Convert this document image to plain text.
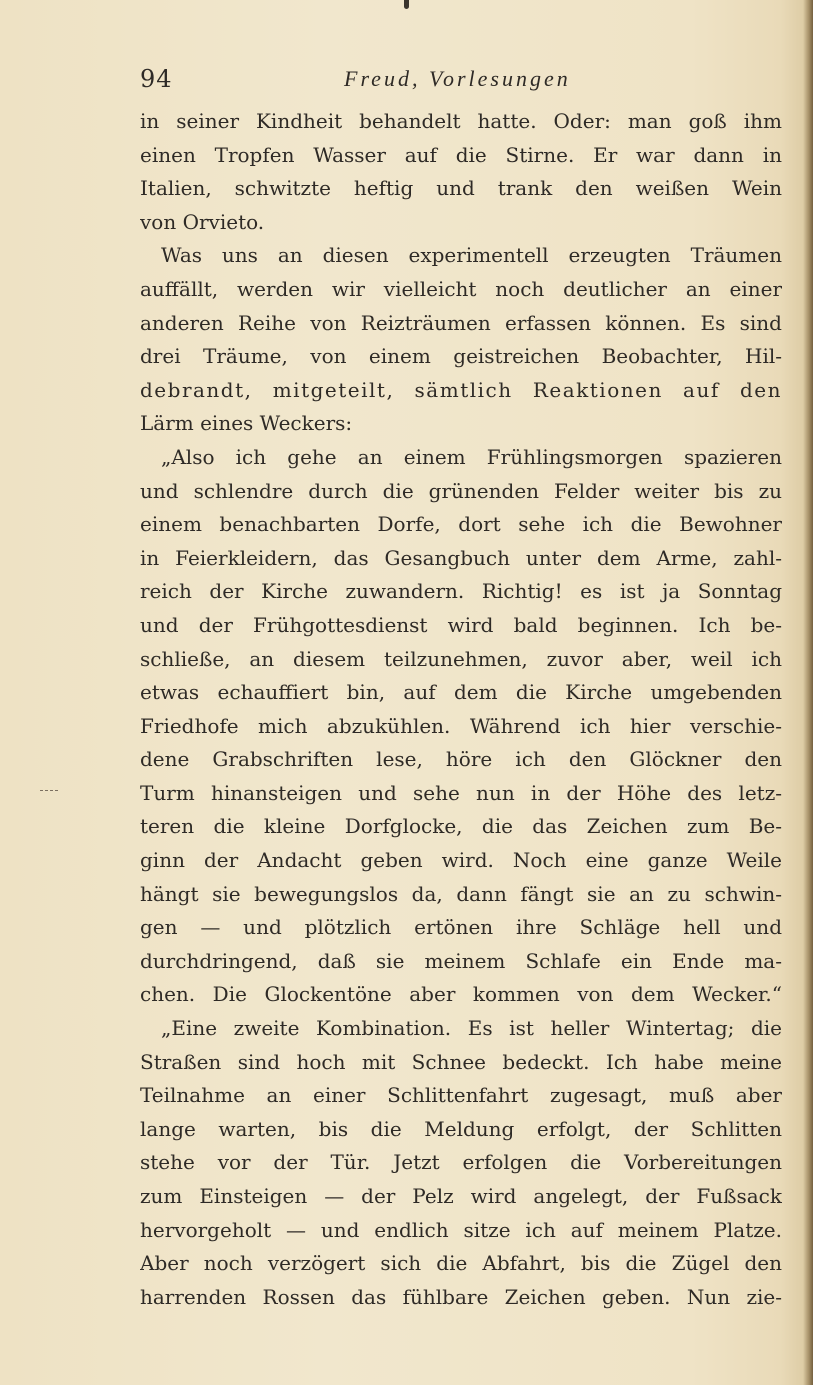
94	Freud, Vorlesungen
in seiner Kindheit behandelt hatte. Oder: man goß ihm
einen Tropfen Wasser auf die Stirne. Er war dann in
Italien, schwitzte heftig und trank den weißen Wein
von Orvieto.
Was uns an diesen experimentell erzeugten Träumen
auffällt, werden wir vielleicht noch deutlicher an einer
anderen Reihe von Reizträumen erfassen können. Es sind
drei Träume, von einem geistreichen Beobachter, Hil-
debrandt, mitgeteilt, sämtlich Reaktionen auf den
Lärm eines Weckers:
„Also ich gehe an einem Frühlingsmorgen spazieren
und schlendre durch die grünenden Felder weiter bis zu
einem benachbarten Dorfe, dort sehe ich die Bewohner
in Feierkleidern, das Gesangbuch unter dem Arme, zahl-
reich der Kirche zuwandern. Richtig! es ist ja Sonntag
und der Frühgottesdienst wird bald beginnen. Ich be-
schließe, an diesem teilzunehmen, zuvor aber, weil ich
etwas echauffiert bin, auf dem die Kirche umgebenden
Friedhofe mich abzukühlen. Während ich hier verschie-
dene Grabschriften lese, höre ich den Glöckner den
Turm hinansteigen und sehe nun in der Höhe des letz-
teren die kleine Dorfglocke, die das Zeichen zum Be-
ginn der Andacht geben wird. Noch eine ganze Weile
hängt sie bewegungslos da, dann fängt sie an zu schwin-
gen — und plötzlich ertönen ihre Schläge hell und
durchdringend, daß sie meinem Schlafe ein Ende ma-
chen. Die Glockentöne aber kommen von dem Wecker.“
„Eine zweite Kombination. Es ist heller Wintertag; die
Straßen sind hoch mit Schnee bedeckt. Ich habe meine
Teilnahme an einer Schlittenfahrt zugesagt, muß aber
lange warten, bis die Meldung erfolgt, der Schlitten
stehe vor der Tür. Jetzt erfolgen die Vorbereitungen
zum Einsteigen — der Pelz wird angelegt, der Fußsack
hervorgeholt — und endlich sitze ich auf meinem Platze.
Aber noch verzögert sich die Abfahrt, bis die Zügel den
harrenden Rossen das fühlbare Zeichen geben. Nun zie-
